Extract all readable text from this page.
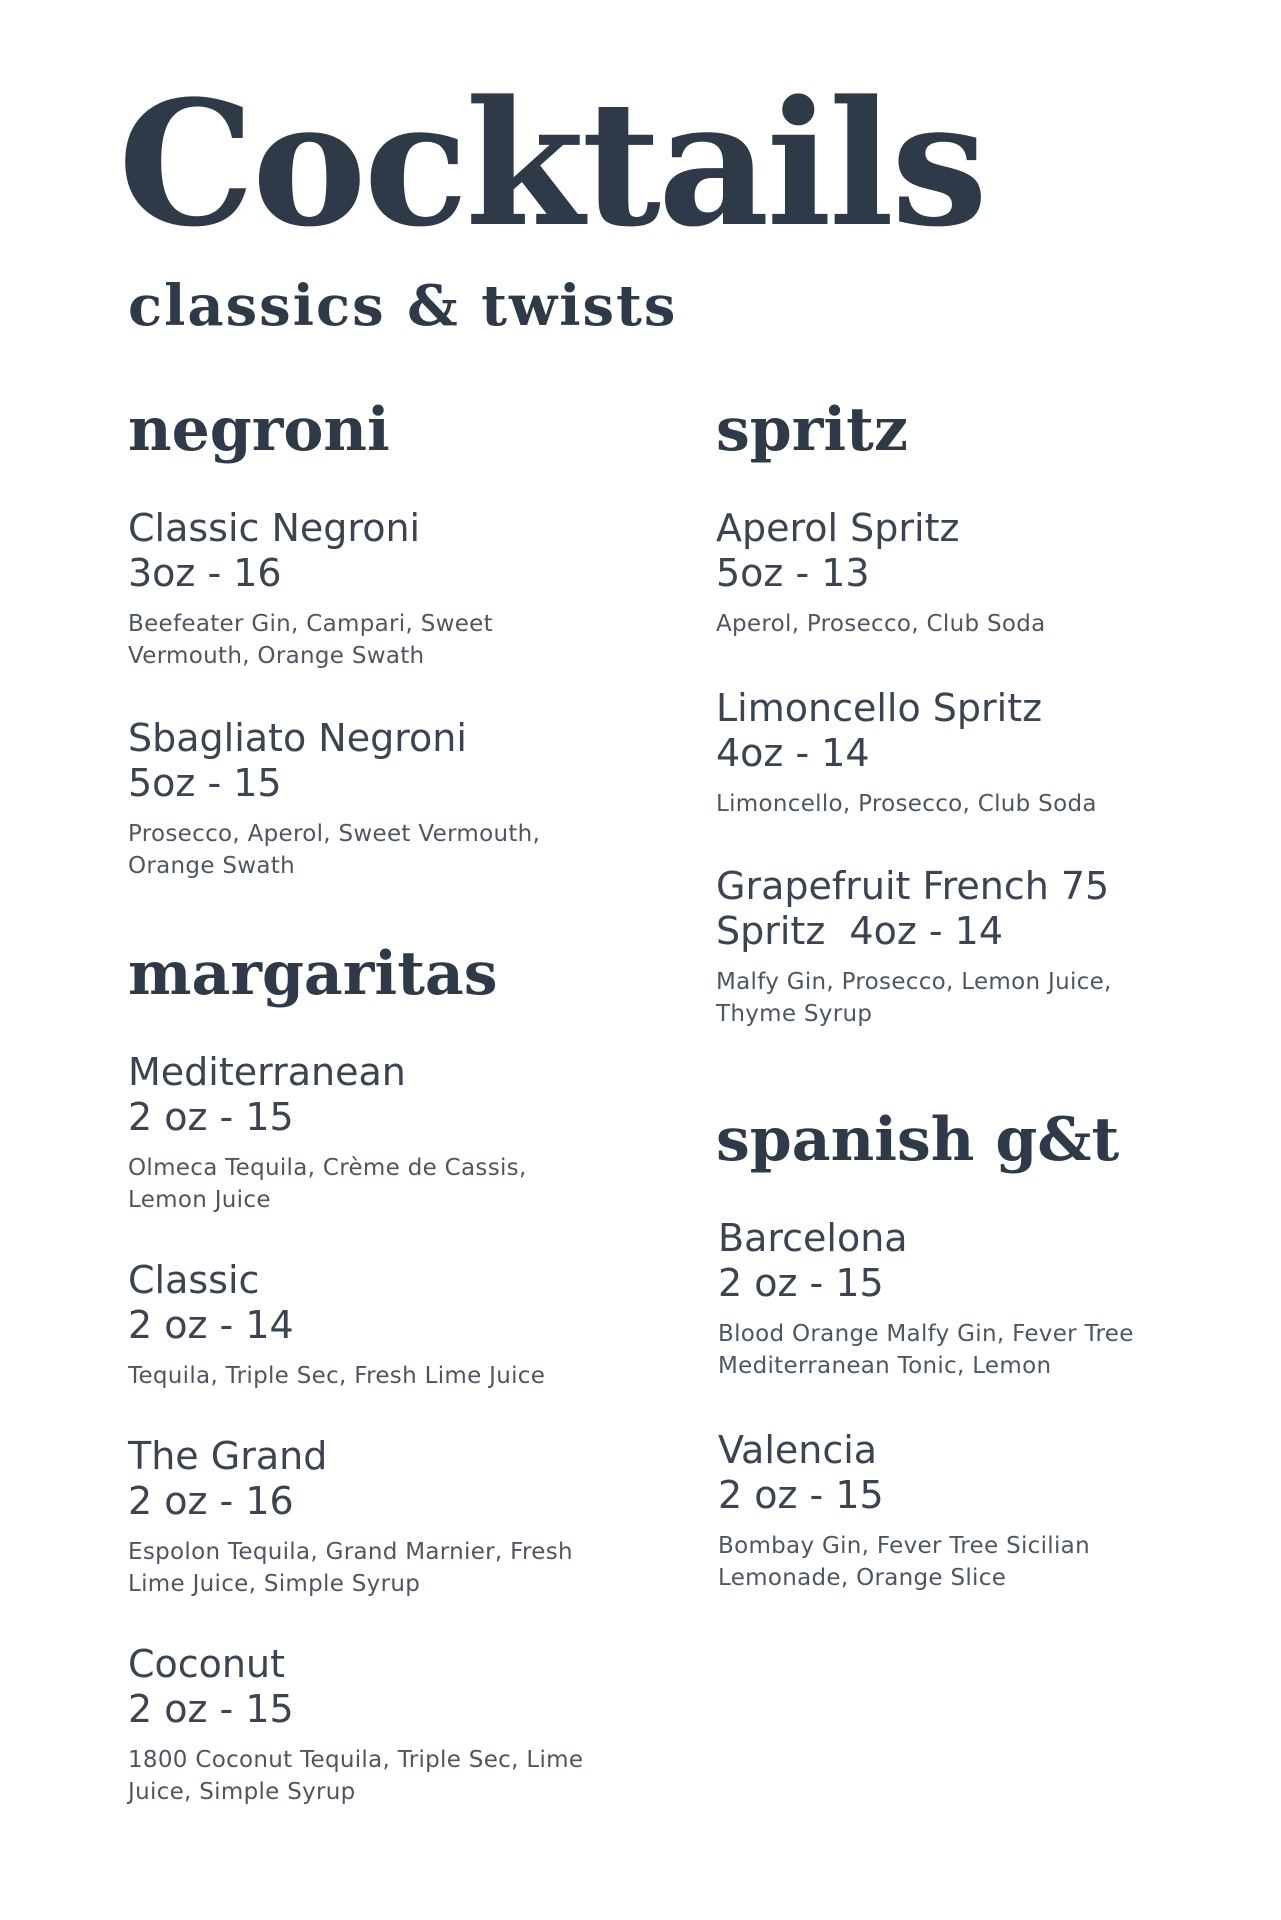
Cocktails
classics & twists
negroni
Classic Negroni
3oz - 16
Beefeater Gin, Campari, Sweet Vermouth, Orange Swath
Sbagliato Negroni
5oz - 15
Prosecco, Aperol, Sweet Vermouth, Orange Swath
margaritas
Mediterranean
2 oz - 15
Olmeca Tequila, Crème de Cassis, Lemon Juice
Classic
2 oz - 14
Tequila, Triple Sec, Fresh Lime Juice
The Grand
2 oz - 16
Espolon Tequila, Grand Marnier, Fresh Lime Juice, Simple Syrup
Coconut
2 oz - 15
1800 Coconut Tequila, Triple Sec, Lime Juice, Simple Syrup
spritz
Aperol Spritz
5oz - 13
Aperol, Prosecco, Club Soda
Limoncello Spritz
4oz - 14
Limoncello, Prosecco, Club Soda
Grapefruit French 75
Spritz  4oz - 14
Malfy Gin, Prosecco, Lemon Juice, Thyme Syrup
spanish g&t
Barcelona
2 oz - 15
Blood Orange Malfy Gin, Fever Tree Mediterranean Tonic, Lemon
Valencia
2 oz - 15
Bombay Gin, Fever Tree Sicilian Lemonade, Orange Slice
